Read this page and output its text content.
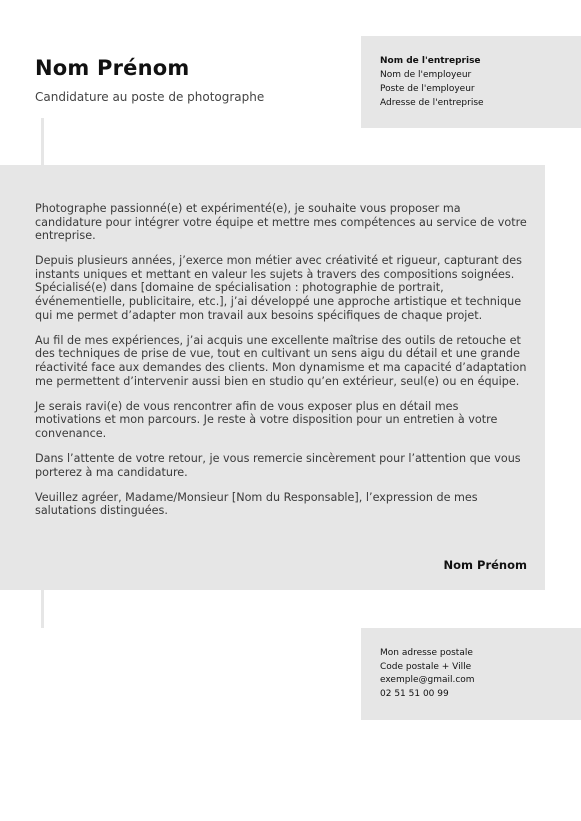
Nom Prénom
Candidature au poste de photographe
Nom de l'entreprise
Nom de l'employeur
Poste de l'employeur
Adresse de l'entreprise

Photographe passionné(e) et expérimenté(e), je souhaite vous proposer ma candidature pour intégrer votre équipe et mettre mes compétences au service de votre entreprise.

Depuis plusieurs années, j’exerce mon métier avec créativité et rigueur, capturant des instants uniques et mettant en valeur les sujets à travers des compositions soignées. Spécialisé(e) dans [domaine de spécialisation : photographie de portrait, événementielle, publicitaire, etc.], j’ai développé une approche artistique et technique qui me permet d’adapter mon travail aux besoins spécifiques de chaque projet.

Au fil de mes expériences, j’ai acquis une excellente maîtrise des outils de retouche et des techniques de prise de vue, tout en cultivant un sens aigu du détail et une grande réactivité face aux demandes des clients. Mon dynamisme et ma capacité d’adaptation me permettent d’intervenir aussi bien en studio qu’en extérieur, seul(e) ou en équipe.

Je serais ravi(e) de vous rencontrer afin de vous exposer plus en détail mes motivations et mon parcours. Je reste à votre disposition pour un entretien à votre convenance.

Dans l’attente de votre retour, je vous remercie sincèrement pour l’attention que vous porterez à ma candidature.

Veuillez agréer, Madame/Monsieur [Nom du Responsable], l’expression de mes salutations distinguées.

Nom Prénom
Mon adresse postale
Code postale + Ville
exemple@gmail.com
02 51 51 00 99
